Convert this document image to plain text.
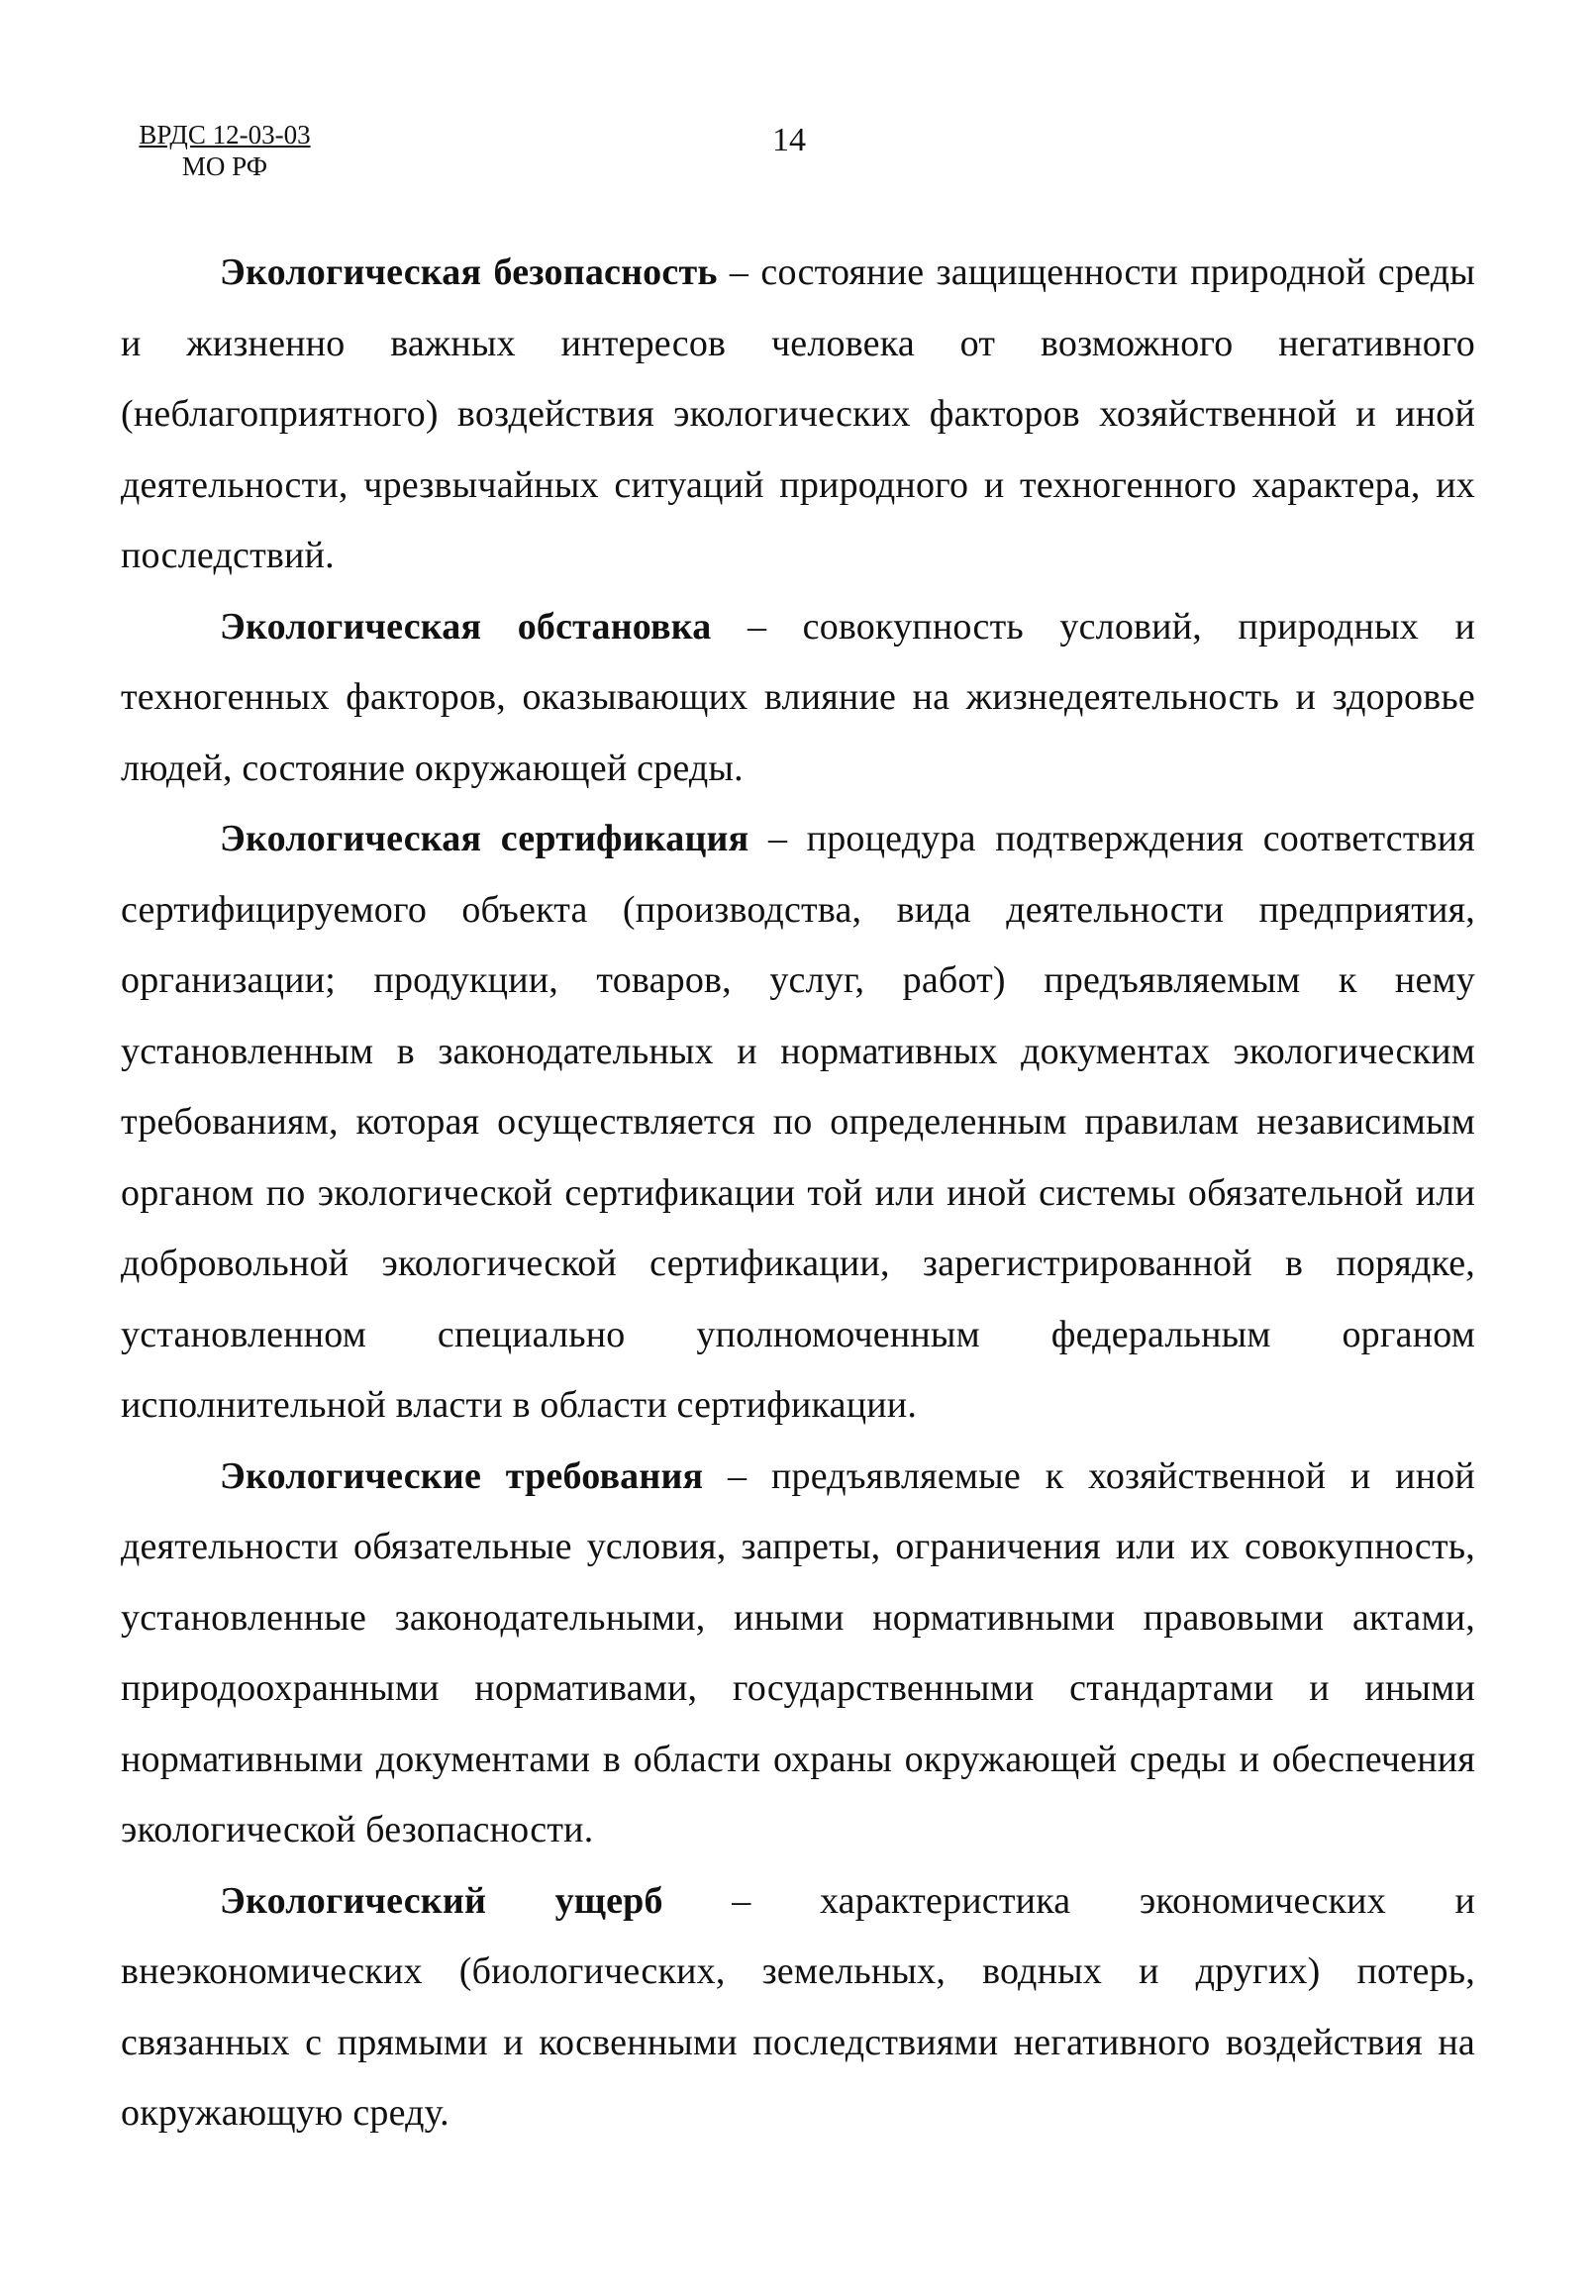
ВРДС 12-03-03
МО РФ
14

Экологическая безопасность – состояние защищенности природной среды и жизненно важных интересов человека от возможного негативного (неблагоприятного) воздействия экологических факторов хозяйственной и иной деятельности, чрезвычайных ситуаций природного и техногенного характера, их последствий.

Экологическая обстановка – совокупность условий, природных и техногенных факторов, оказывающих влияние на жизнедеятельность и здоровье людей, состояние окружающей среды.

Экологическая сертификация – процедура подтверждения соответствия сертифицируемого объекта (производства, вида деятельности предприятия, организации; продукции, товаров, услуг, работ) предъявляемым к нему установленным в законодательных и нормативных документах экологическим требованиям, которая осуществляется по определенным правилам независимым органом по экологической сертификации той или иной системы обязательной или добровольной экологической сертификации, зарегистрированной в порядке, установленном специально уполномоченным федеральным органом исполнительной власти в области сертификации.

Экологические требования – предъявляемые к хозяйственной и иной деятельности обязательные условия, запреты, ограничения или их совокупность, установленные законодательными, иными нормативными правовыми актами, природоохранными нормативами, государственными стандартами и иными нормативными документами в области охраны окружающей среды и обеспечения экологической безопасности.

Экологический ущерб – характеристика экономических и внеэкономических (биологических, земельных, водных и других) потерь, связанных с прямыми и косвенными последствиями негативного воздействия на окружающую среду.
